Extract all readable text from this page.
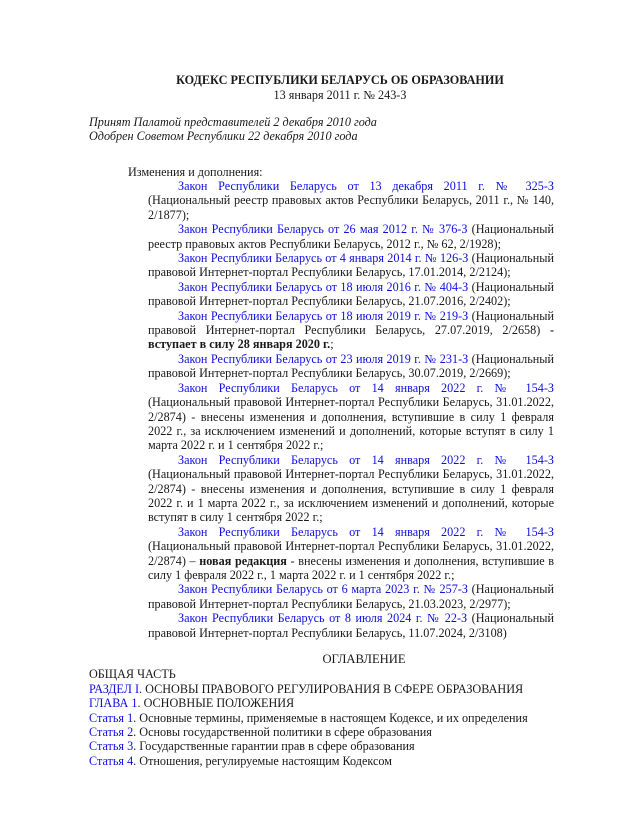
КОДЕКС РЕСПУБЛИКИ БЕЛАРУСЬ ОБ ОБРАЗОВАНИИ
13 января 2011 г. № 243-З
Принят Палатой представителей 2 декабря 2010 года
Одобрен Советом Республики 22 декабря 2010 года
Изменения и дополнения:

Закон Республики Беларусь от 13 декабря 2011 г. № 325-З (Национальный реестр правовых актов Республики Беларусь, 2011 г., № 140, 2/1877);

Закон Республики Беларусь от 26 мая 2012 г. № 376-З (Национальный реестр правовых актов Республики Беларусь, 2012 г., № 62, 2/1928);

Закон Республики Беларусь от 4 января 2014 г. № 126-З (Национальный правовой Интернет-портал Республики Беларусь, 17.01.2014, 2/2124);

Закон Республики Беларусь от 18 июля 2016 г. № 404-З (Национальный правовой Интернет-портал Республики Беларусь, 21.07.2016, 2/2402);

Закон Республики Беларусь от 18 июля 2019 г. № 219-З (Национальный правовой Интернет-портал Республики Беларусь, 27.07.2019, 2/2658) - вступает в силу 28 января 2020 г.;

Закон Республики Беларусь от 23 июля 2019 г. № 231-З (Национальный правовой Интернет-портал Республики Беларусь, 30.07.2019, 2/2669);

Закон Республики Беларусь от 14 января 2022 г. № 154-З (Национальный правовой Интернет-портал Республики Беларусь, 31.01.2022, 2/2874) - внесены изменения и дополнения, вступившие в силу 1 февраля 2022 г., за исключением изменений и дополнений, которые вступят в силу 1 марта 2022 г. и 1 сентября 2022 г.;

Закон Республики Беларусь от 14 января 2022 г. № 154-З (Национальный правовой Интернет-портал Республики Беларусь, 31.01.2022, 2/2874) - внесены изменения и дополнения, вступившие в силу 1 февраля 2022 г. и 1 марта 2022 г., за исключением изменений и дополнений, которые вступят в силу 1 сентября 2022 г.;

Закон Республики Беларусь от 14 января 2022 г. № 154-З (Национальный правовой Интернет-портал Республики Беларусь, 31.01.2022, 2/2874) – новая редакция - внесены изменения и дополнения, вступившие в силу 1 февраля 2022 г., 1 марта 2022 г. и 1 сентября 2022 г.;

Закон Республики Беларусь от 6 марта 2023 г. № 257-З (Национальный правовой Интернет-портал Республики Беларусь, 21.03.2023, 2/2977);

Закон Республики Беларусь от 8 июля 2024 г. № 22-З (Национальный правовой Интернет-портал Республики Беларусь, 11.07.2024, 2/3108)

ОГЛАВЛЕНИЕ
ОБЩАЯ ЧАСТЬ
РАЗДЕЛ I. ОСНОВЫ ПРАВОВОГО РЕГУЛИРОВАНИЯ В СФЕРЕ ОБРАЗОВАНИЯ
ГЛАВА 1. ОСНОВНЫЕ ПОЛОЖЕНИЯ
Статья 1. Основные термины, применяемые в настоящем Кодексе, и их определения
Статья 2. Основы государственной политики в сфере образования
Статья 3. Государственные гарантии прав в сфере образования
Статья 4. Отношения, регулируемые настоящим Кодексом
